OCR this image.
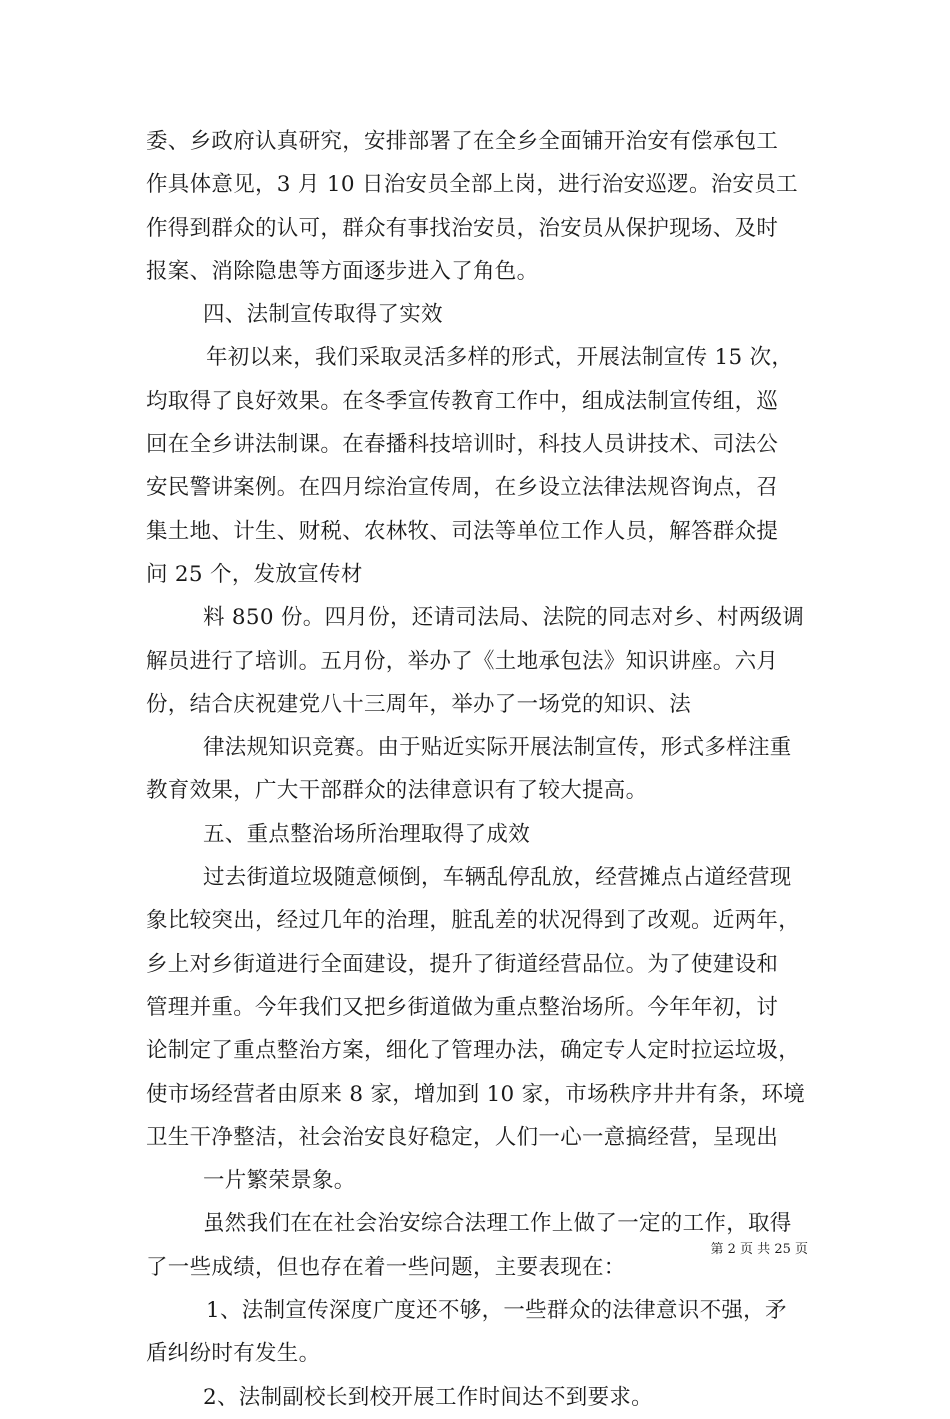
委、乡政府认真研究，安排部署了在全乡全面铺开治安有偿承包工
作具体意见，3 月 10 日治安员全部上岗，进行治安巡逻。治安员工
作得到群众的认可，群众有事找治安员，治安员从保护现场、及时
报案、消除隐患等方面逐步进入了角色。
四、法制宣传取得了实效
年初以来，我们采取灵活多样的形式，开展法制宣传 15 次，
均取得了良好效果。在冬季宣传教育工作中，组成法制宣传组，巡
回在全乡讲法制课。在春播科技培训时，科技人员讲技术、司法公
安民警讲案例。在四月综治宣传周，在乡设立法律法规咨询点，召
集土地、计生、财税、农林牧、司法等单位工作人员，解答群众提
问 25 个，发放宣传材
料 850 份。四月份，还请司法局、法院的同志对乡、村两级调
解员进行了培训。五月份，举办了《土地承包法》知识讲座。六月
份，结合庆祝建党八十三周年，举办了一场党的知识、法
律法规知识竞赛。由于贴近实际开展法制宣传，形式多样注重
教育效果，广大干部群众的法律意识有了较大提高。
五、重点整治场所治理取得了成效
过去街道垃圾随意倾倒，车辆乱停乱放，经营摊点占道经营现
象比较突出，经过几年的治理，脏乱差的状况得到了改观。近两年，
乡上对乡街道进行全面建设，提升了街道经营品位。为了使建设和
管理并重。今年我们又把乡街道做为重点整治场所。今年年初，讨
论制定了重点整治方案，细化了管理办法，确定专人定时拉运垃圾，
使市场经营者由原来 8 家，增加到 10 家，市场秩序井井有条，环境
卫生干净整洁，社会治安良好稳定，人们一心一意搞经营，呈现出
一片繁荣景象。
虽然我们在在社会治安综合法理工作上做了一定的工作，取得
了一些成绩，但也存在着一些问题，主要表现在：
1、法制宣传深度广度还不够，一些群众的法律意识不强，矛
盾纠纷时有发生。
2、法制副校长到校开展工作时间达不到要求。
第 2 页 共 25 页
